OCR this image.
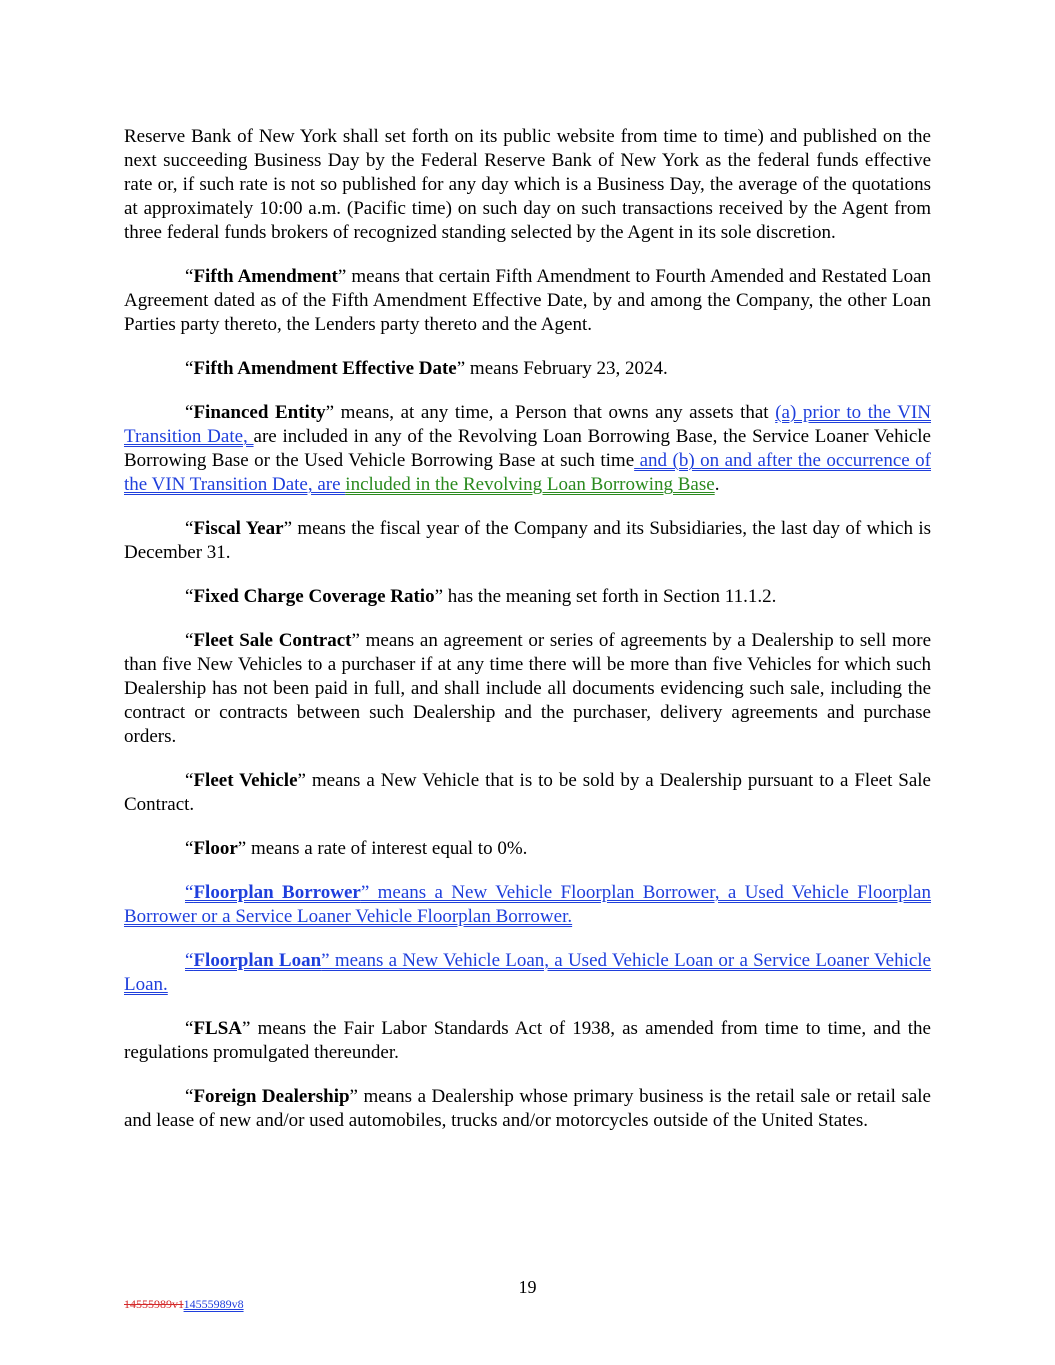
Reserve Bank of New York shall set forth on its public website from time to time) and published on the next succeeding Business Day by the Federal Reserve Bank of New York as the federal funds effective rate or, if such rate is not so published for any day which is a Business Day, the average of the quotations at approximately 10:00 a.m. (Pacific time) on such day on such transactions received by the Agent from three federal funds brokers of recognized standing selected by the Agent in its sole discretion.

“Fifth Amendment” means that certain Fifth Amendment to Fourth Amended and Restated Loan Agreement dated as of the Fifth Amendment Effective Date, by and among the Company, the other Loan Parties party thereto, the Lenders party thereto and the Agent.

“Fifth Amendment Effective Date” means February 23, 2024.

“Financed Entity” means, at any time, a Person that owns any assets that (a) prior to the VIN Transition Date, are included in any of the Revolving Loan Borrowing Base, the Service Loaner Vehicle Borrowing Base or the Used Vehicle Borrowing Base at such time and (b) on and after the occurrence of the VIN Transition Date, are included in the Revolving Loan Borrowing Base.

“Fiscal Year” means the fiscal year of the Company and its Subsidiaries, the last day of which is December 31.

“Fixed Charge Coverage Ratio” has the meaning set forth in Section 11.1.2.

“Fleet Sale Contract” means an agreement or series of agreements by a Dealership to sell more than five New Vehicles to a purchaser if at any time there will be more than five Vehicles for which such Dealership has not been paid in full, and shall include all documents evidencing such sale, including the contract or contracts between such Dealership and the purchaser, delivery agreements and purchase orders.

“Fleet Vehicle” means a New Vehicle that is to be sold by a Dealership pursuant to a Fleet Sale Contract.

“Floor” means a rate of interest equal to 0%.

“Floorplan Borrower” means a New Vehicle Floorplan Borrower, a Used Vehicle Floorplan Borrower or a Service Loaner Vehicle Floorplan Borrower.

“Floorplan Loan” means a New Vehicle Loan, a Used Vehicle Loan or a Service Loaner Vehicle Loan.

“FLSA” means the Fair Labor Standards Act of 1938, as amended from time to time, and the regulations promulgated thereunder.

“Foreign Dealership” means a Dealership whose primary business is the retail sale or retail sale and lease of new and/or used automobiles, trucks and/or motorcycles outside of the United States.

19
14555989v114555989v8
